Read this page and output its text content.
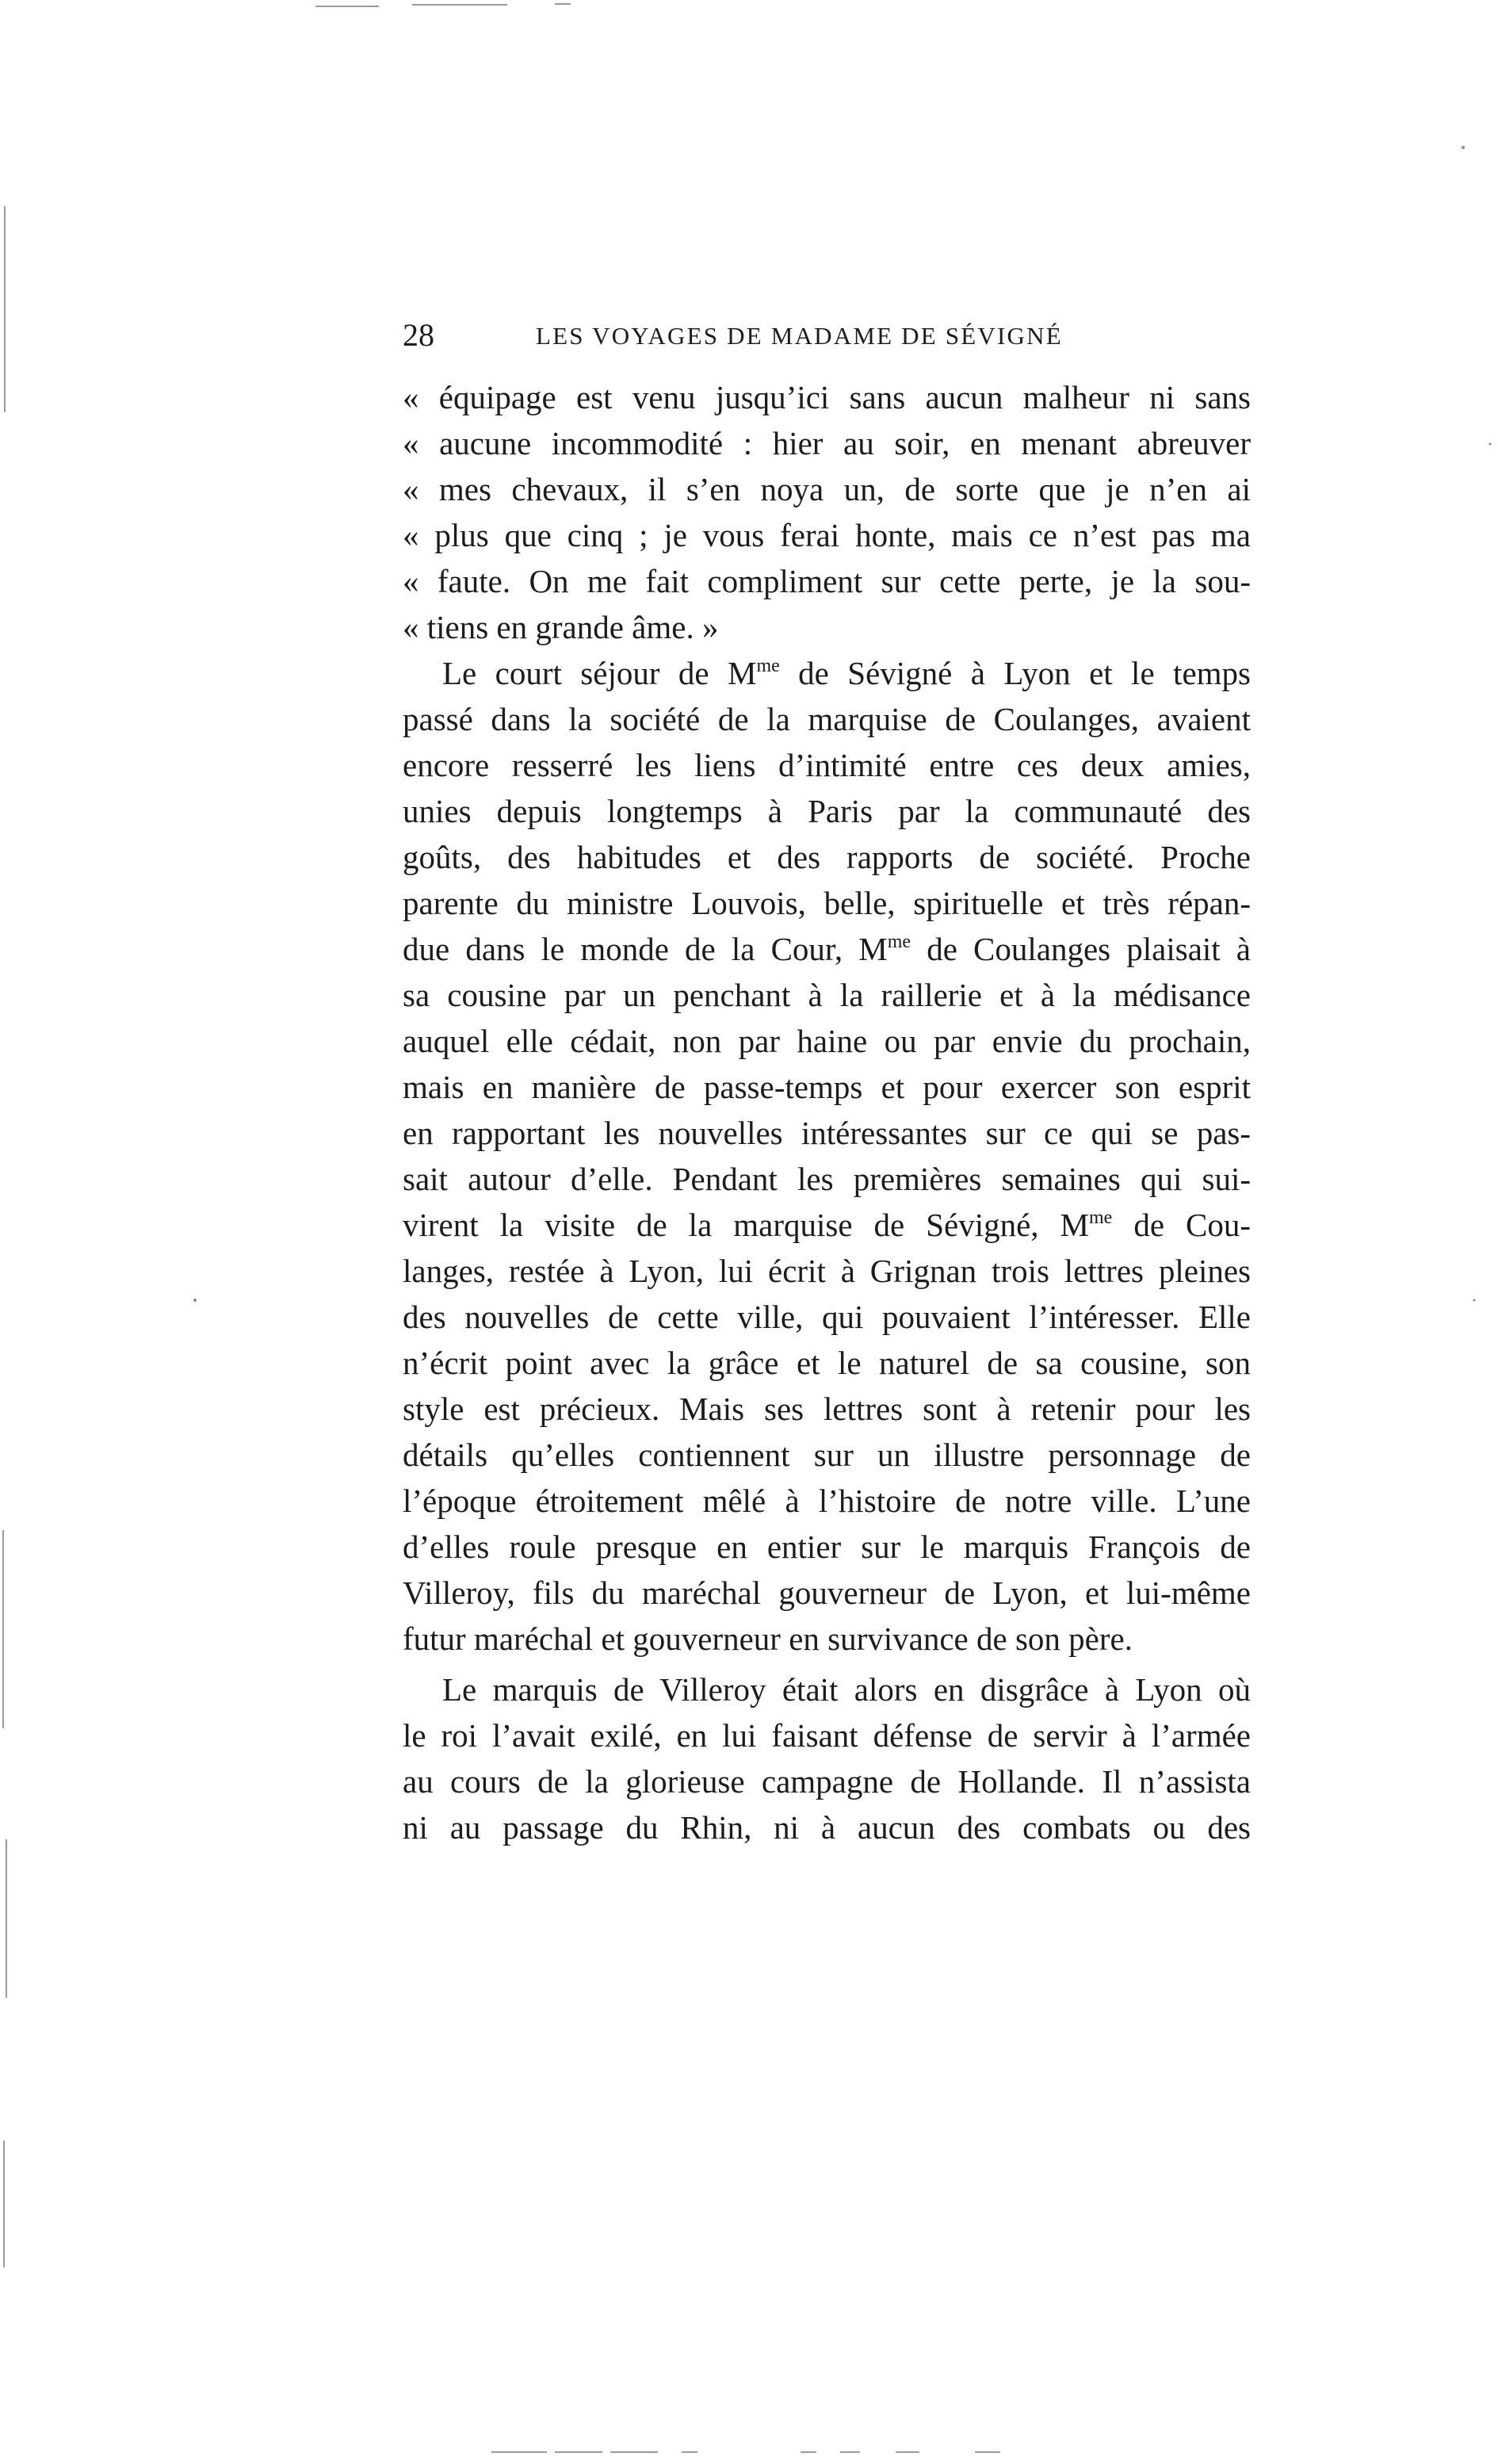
28	LES VOYAGES DE MADAME DE SÉVIGNÉ
« équipage est venu jusqu’ici sans aucun malheur ni sans
« aucune incommodité : hier au soir, en menant abreuver
« mes chevaux, il s’en noya un, de sorte que je n’en ai
« plus que cinq ; je vous ferai honte, mais ce n’est pas ma
« faute. On me fait compliment sur cette perte, je la sou-
« tiens en grande âme. »
Le court séjour de $M^{me}$ de Sévigné à Lyon et le temps
passé dans la société de la marquise de Coulanges, avaient
encore resserré les liens d’intimité entre ces deux amies,
unies depuis longtemps à Paris par la communauté des
goûts, des habitudes et des rapports de société. Proche
parente du ministre Louvois, belle, spirituelle et très répan-
due dans le monde de la Cour, $M^{me}$ de Coulanges plaisait à
sa cousine par un penchant à la raillerie et à la médisance
auquel elle cédait, non par haine ou par envie du prochain,
mais en manière de passe-temps et pour exercer son esprit
en rapportant les nouvelles intéressantes sur ce qui se pas-
sait autour d’elle. Pendant les premières semaines qui sui-
virent la visite de la marquise de Sévigné, $M^{me}$ de Cou-
langes, restée à Lyon, lui écrit à Grignan trois lettres pleines
des nouvelles de cette ville, qui pouvaient l’intéresser. Elle
n’écrit point avec la grâce et le naturel de sa cousine, son
style est précieux. Mais ses lettres sont à retenir pour les
détails qu’elles contiennent sur un illustre personnage de
l’époque étroitement mêlé à l’histoire de notre ville. L’une
d’elles roule presque en entier sur le marquis François de
Villeroy, fils du maréchal gouverneur de Lyon, et lui-même
futur maréchal et gouverneur en survivance de son père.
Le marquis de Villeroy était alors en disgrâce à Lyon où
le roi l’avait exilé, en lui faisant défense de servir à l’armée
au cours de la glorieuse campagne de Hollande. Il n’assista
ni au passage du Rhin, ni à aucun des combats ou des
